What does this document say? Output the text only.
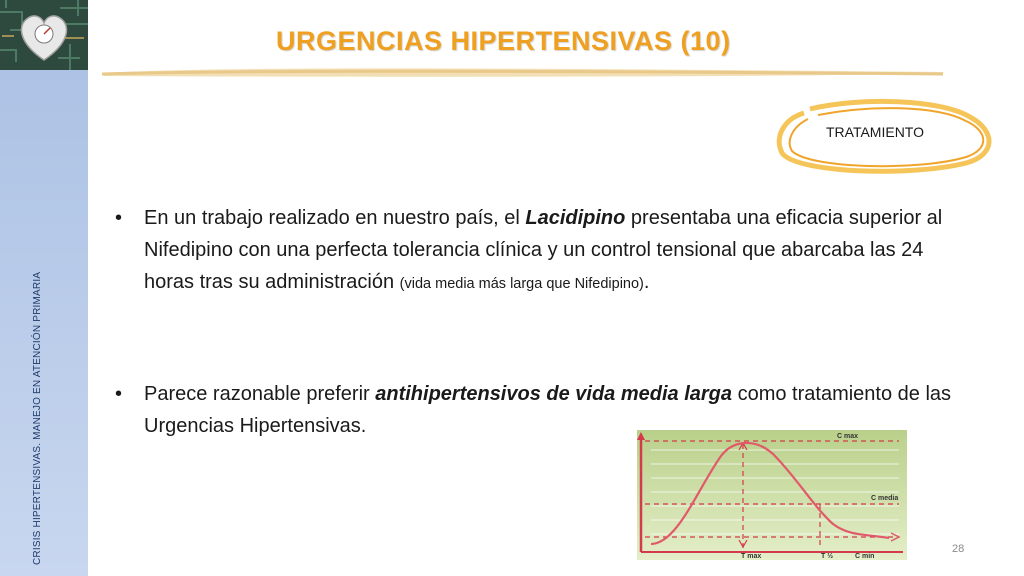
CRISIS HIPERTENSIVAS. MANEJO EN ATENCIÓN PRIMARIA
URGENCIAS HIPERTENSIVAS (10)
TRATAMIENTO
• En un trabajo realizado en nuestro país, el Lacidipino presentaba una eficacia superior al Nifedipino con una perfecta tolerancia clínica y un control tensional que abarcaba las 24 horas tras su administración (vida media más larga que Nifedipino).
• Parece razonable preferir antihipertensivos de vida media larga como tratamiento de las Urgencias Hipertensivas.	C max
C media
T max	T ½	C min
28
